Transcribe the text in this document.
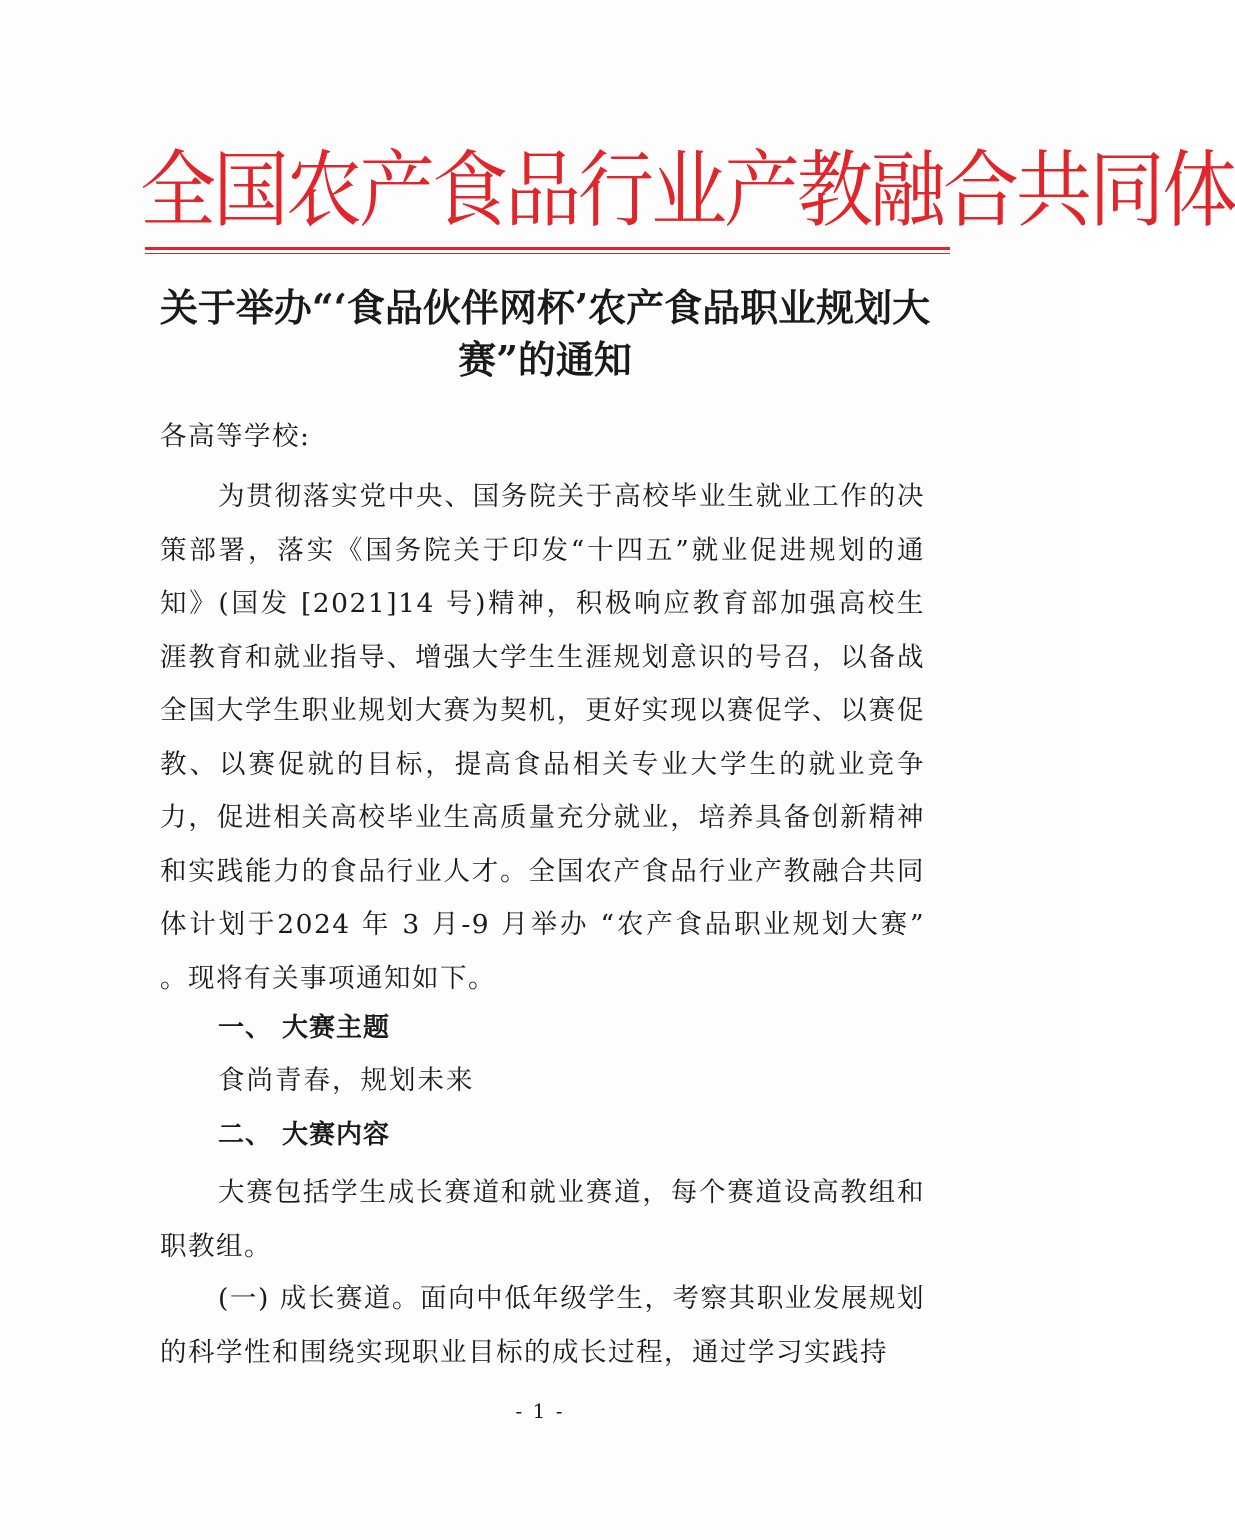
全国农产食品行业产教融合共同体
关于举办“‘食品伙伴网杯’农产食品职业规划大赛”的通知
各高等学校:
为贯彻落实党中央、国务院关于高校毕业生就业工作的决策部署，落实《国务院关于印发“十四五”就业促进规划的通知》(国发 [2021]14 号)精神，积极响应教育部加强高校生涯教育和就业指导、增强大学生生涯规划意识的号召，以备战全国大学生职业规划大赛为契机，更好实现以赛促学、以赛促教、以赛促就的目标，提高食品相关专业大学生的就业竞争力，促进相关高校毕业生高质量充分就业，培养具备创新精神和实践能力的食品行业人才。全国农产食品行业产教融合共同体计划于2024 年 3 月-9 月举办 “农产食品职业规划大赛” 。现将有关事项通知如下。
一、 大赛主题
食尚青春，规划未来
二、 大赛内容
大赛包括学生成长赛道和就业赛道，每个赛道设高教组和职教组。
(一) 成长赛道。面向中低年级学生，考察其职业发展规划的科学性和围绕实现职业目标的成长过程，通过学习实践持
- 1 -
